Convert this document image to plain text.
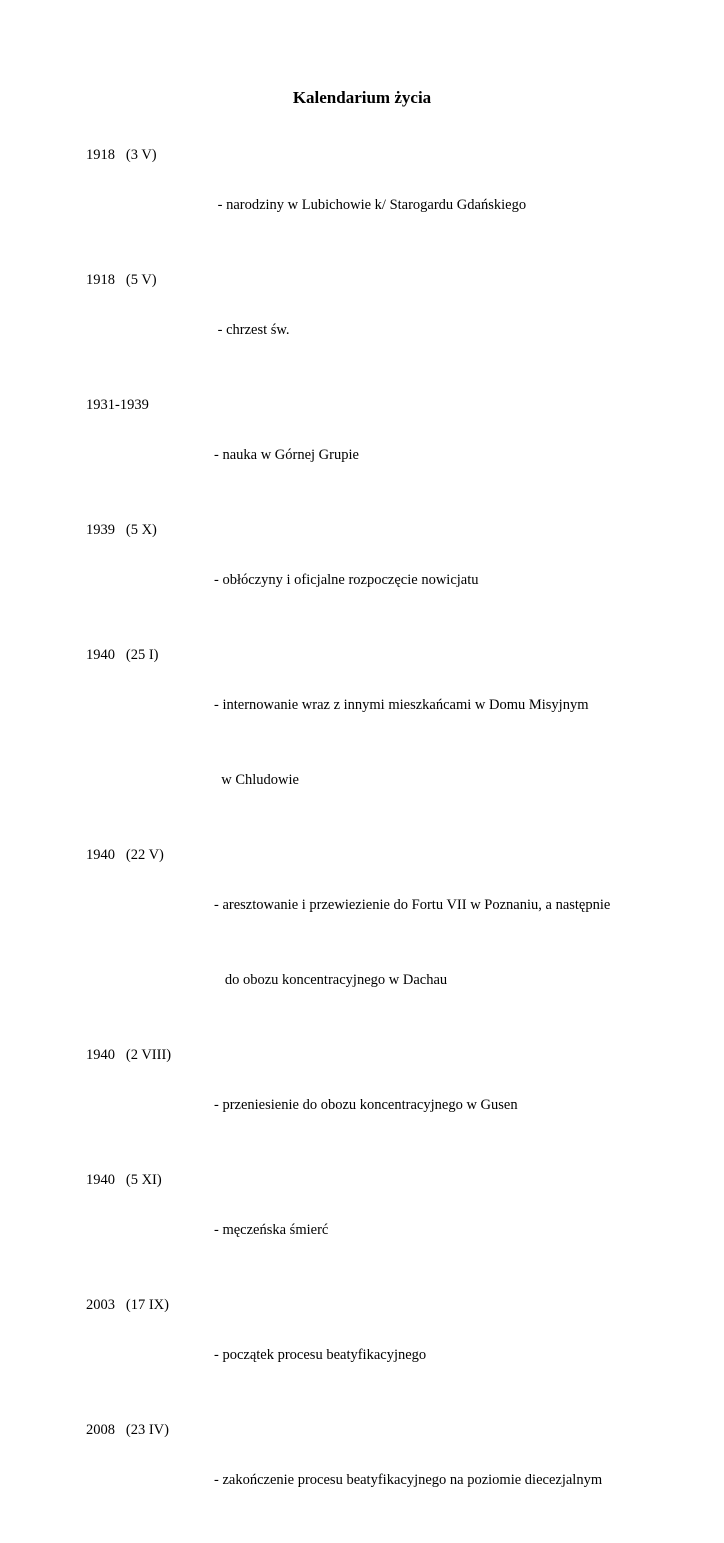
Kalendarium życia
1918   (3 V)

- narodziny w Lubichowie k/ Starogardu Gdańskiego

1918   (5 V)

- chrzest św.

1931-1939

- nauka w Górnej Grupie

1939   (5 X)

- obłóczyny i oficjalne rozpoczęcie nowicjatu

1940   (25 I)

- internowanie wraz z innymi mieszkańcami w Domu Misyjnym

w Chludowie

1940   (22 V)

- aresztowanie i przewiezienie do Fortu VII w Poznaniu, a następnie

do obozu koncentracyjnego w Dachau

1940   (2 VIII)

- przeniesienie do obozu koncentracyjnego w Gusen

1940   (5 XI)

- męczeńska śmierć

2003   (17 IX)

- początek procesu beatyfikacyjnego

2008   (23 IV)

- zakończenie procesu beatyfikacyjnego na poziomie diecezjalnym
